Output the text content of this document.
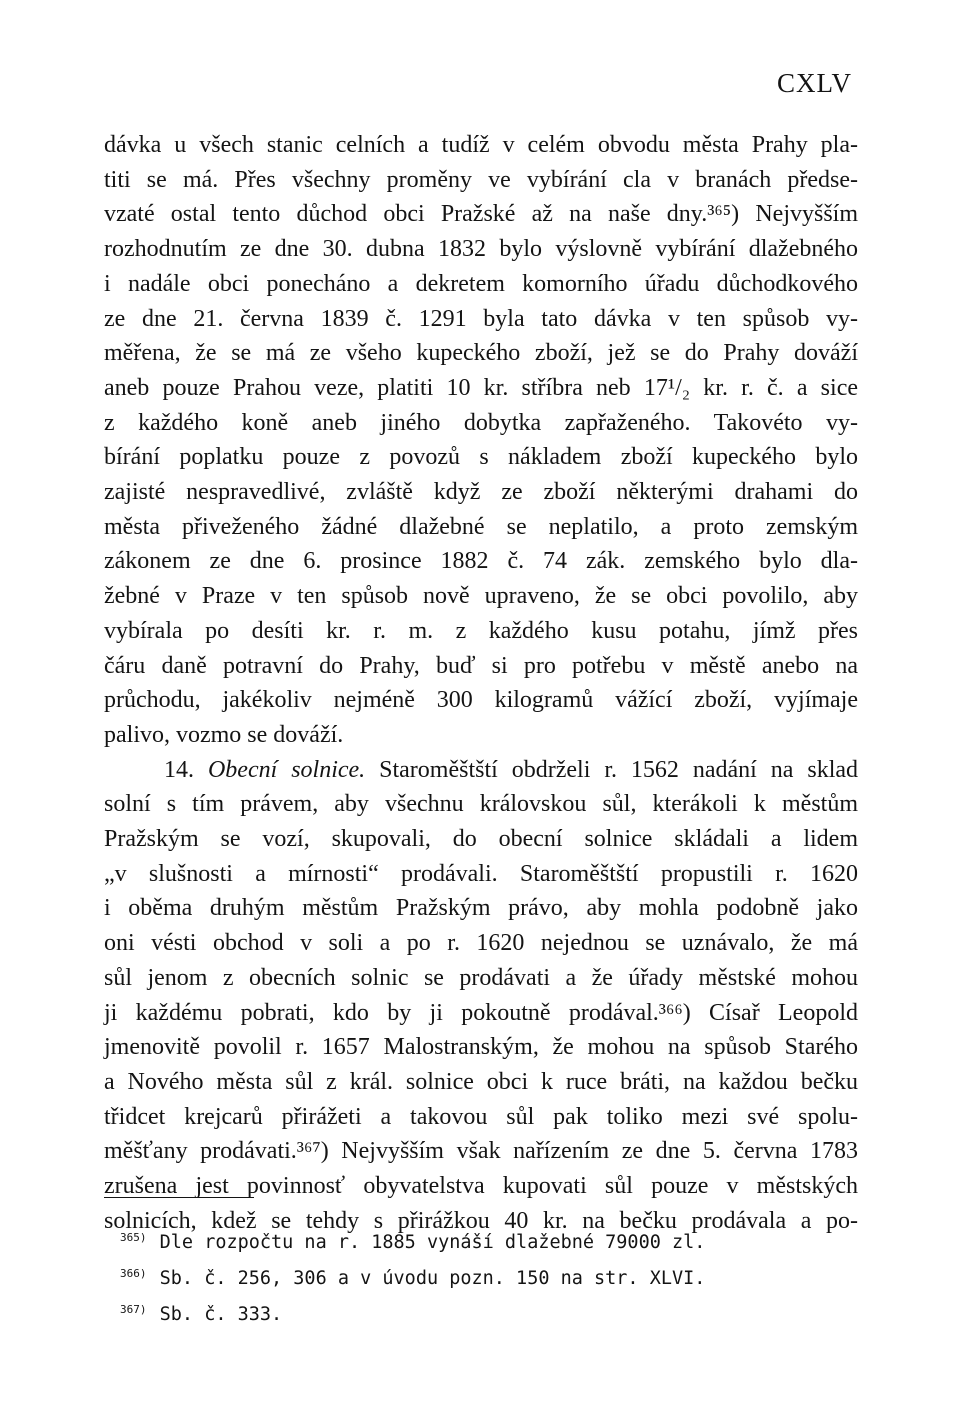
CXLV
dávka u všech stanic celních a tudíž v celém obvodu města Prahy pla-
titi se má. Přes všechny proměny ve vybírání cla v branách předse-
vzaté ostal tento důchod obci Pražské až na naše dny.³⁶⁵) Nejvyšším
rozhodnutím ze dne 30. dubna 1832 bylo výslovně vybírání dlažebného
i nadále obci ponecháno a dekretem komorního úřadu důchodkového
ze dne 21. června 1839 č. 1291 byla tato dávka v ten spůsob vy-
měřena, že se má ze všeho kupeckého zboží, jež se do Prahy dováží
aneb pouze Prahou veze, platiti 10 kr. stříbra neb 17¹/₂ kr. r. č. a sice
z každého koně aneb jiného dobytka zapřaženého. Takovéto vy-
bírání poplatku pouze z povozů s nákladem zboží kupeckého bylo
zajisté nespravedlivé, zvláště když ze zboží některými drahami do
města přiveženého žádné dlažebné se neplatilo, a proto zemským
zákonem ze dne 6. prosince 1882 č. 74 zák. zemského bylo dla-
žebné v Praze v ten spůsob nově upraveno, že se obci povolilo, aby
vybírala po desíti kr. r. m. z každého kusu potahu, jímž přes
čáru daně potravní do Prahy, buď si pro potřebu v městě anebo na
průchodu, jakékoliv nejméně 300 kilogramů vážící zboží, vyjímaje
palivo, vozmo se dováží.
14. Obecní solnice. Staroměštští obdrželi r. 1562 nadání na sklad
solní s tím právem, aby všechnu královskou sůl, kterákoli k městům
Pražským se vozí, skupovali, do obecní solnice skládali a lidem
„v slušnosti a mírnosti“ prodávali. Staroměštští propustili r. 1620
i oběma druhým městům Pražským právo, aby mohla podobně jako
oni vésti obchod v soli a po r. 1620 nejednou se uznávalo, že má
sůl jenom z obecních solnic se prodávati a že úřady městské mohou
ji každému pobrati, kdo by ji pokoutně prodával.³⁶⁶) Císař Leopold
jmenovitě povolil r. 1657 Malostranským, že mohou na spůsob Starého
a Nového města sůl z král. solnice obci k ruce bráti, na každou bečku
třidcet krejcarů přirážeti a takovou sůl pak toliko mezi své spolu-
měšťany prodávati.³⁶⁷) Nejvyšším však nařízením ze dne 5. června 1783
zrušena jest povinnosť obyvatelstva kupovati sůl pouze v městských
solnicích, kdež se tehdy s přirážkou 40 kr. na bečku prodávala a po-
$^{365)}$ Dle rozpočtu na r. 1885 vynáší dlažebné 79000 zl.
$^{366)}$ Sb. č. 256, 306 a v úvodu pozn. 150 na str. XLVI.
$^{367)}$ Sb. č. 333.
